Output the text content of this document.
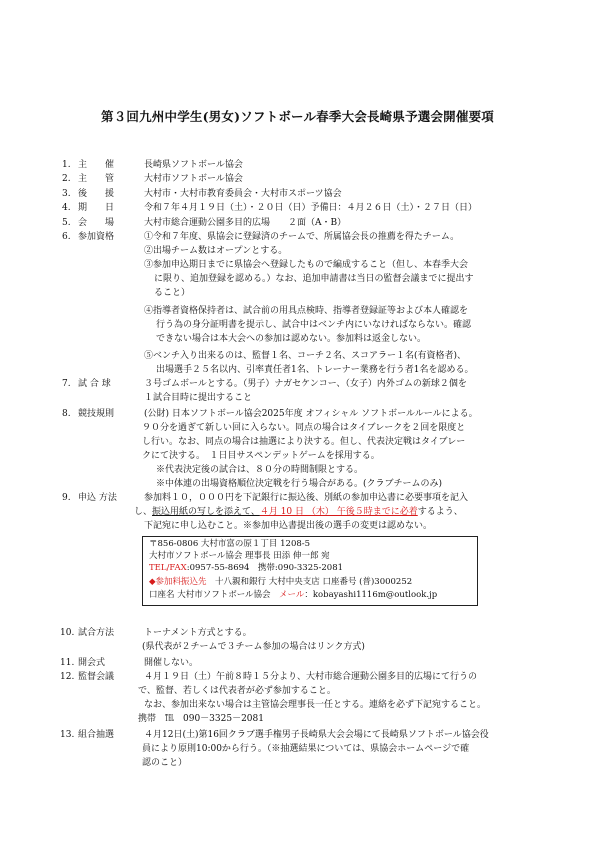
第３回九州中学生(男女)ソフトボール春季大会長崎県予選会開催要項
1. 主　　催	長崎県ソフトボール協会
2. 主　　管	大村市ソフトボール協会
3. 後　　援	大村市・大村市教育委員会・大村市スポーツ協会
4. 期　　日	令和７年４月１９日（土）・２０日（日）予備日：４月２６日（土）・２７日（日）
5. 会　　場	大村市総合運動公園多目的広場　　２面（A・B）
6. 参加資格	①令和７年度、県協会に登録済のチームで、所属協会長の推薦を得たチーム。
②出場チーム数はオープンとする。
③参加申込期日までに県協会へ登録したもので編成すること（但し、本春季大会
に限り、追加登録を認める。）なお、追加申請書は当日の監督会議までに提出す
ること）
④指導者資格保持者は、試合前の用具点検時、指導者登録証等および本人確認を
行う為の身分証明書を提示し、試合中はベンチ内にいなければならない。確認
できない場合は本大会への参加は認めない。参加料は返金しない。
⑤ベンチ入り出来るのは、監督１名、コーチ２名、スコアラー１名(有資格者)、
出場選手２５名以内、引率責任者1名、トレーナー業務を行う者1名を認める。
7. 試 合 球	３号ゴムボールとする。（男子）ナガセケンコー、（女子）内外ゴムの新球２個を
１試合目時に提出すること
8. 競技規則	(公財) 日本ソフトボール協会2025年度 オフィシャル ソフトボールルールによる。
９０分を過ぎて新しい回に入らない。同点の場合はタイブレークを２回を限度と
し行い。なお、同点の場合は抽選により決する。但し、代表決定戦はタイブレー
クにて決する。　１日目サスペンデットゲームを採用する。
※代表決定後の試合は、８０分の時間制限とする。
※中体連の出場資格順位決定戦を行う場合がある。(クラブチームのみ)
9. 申込 方法	参加料１０，０００円を下記銀行に振込後、別紙の参加申込書に必要事項を記入
し、振込用紙の写しを添えて、４月 10 日 （木） 午後５時までに必着するよう、
下記宛に申し込むこと。※参加申込書提出後の選手の変更は認めない。
〒856-0806 大村市富の原１丁目 1208-5
大村市ソフトボール協会 理事長 田添 伸一郎 宛
TEL/FAX:0957-55-8694　携帯:090-3325-2081
◆参加料振込先　十八親和銀行 大村中央支店 口座番号 (普)3000252
口座名 大村市ソフトボール協会　メール：kobayashi1116m@outlook.jp
10. 試合方法	トーナメント方式とする。
(県代表が２チームで３チーム参加の場合はリンク方式)
11. 開会式	開催しない。
12. 監督会議	４月１９日（土）午前８時１５分より、大村市総合運動公園多目的広場にて行うの
で、監督、若しくは代表者が必ず参加すること。
なお、参加出来ない場合は主管協会理事長一任とする。連絡を必ず下記宛すること。
携帯　℡　090－3325－2081
13. 組合抽選	４月12日(土)第16回クラブ選手権男子長崎県大会会場にて長崎県ソフトボール協会役
員により原則10:00から行う。（※抽選結果については、県協会ホームページで確
認のこと）
